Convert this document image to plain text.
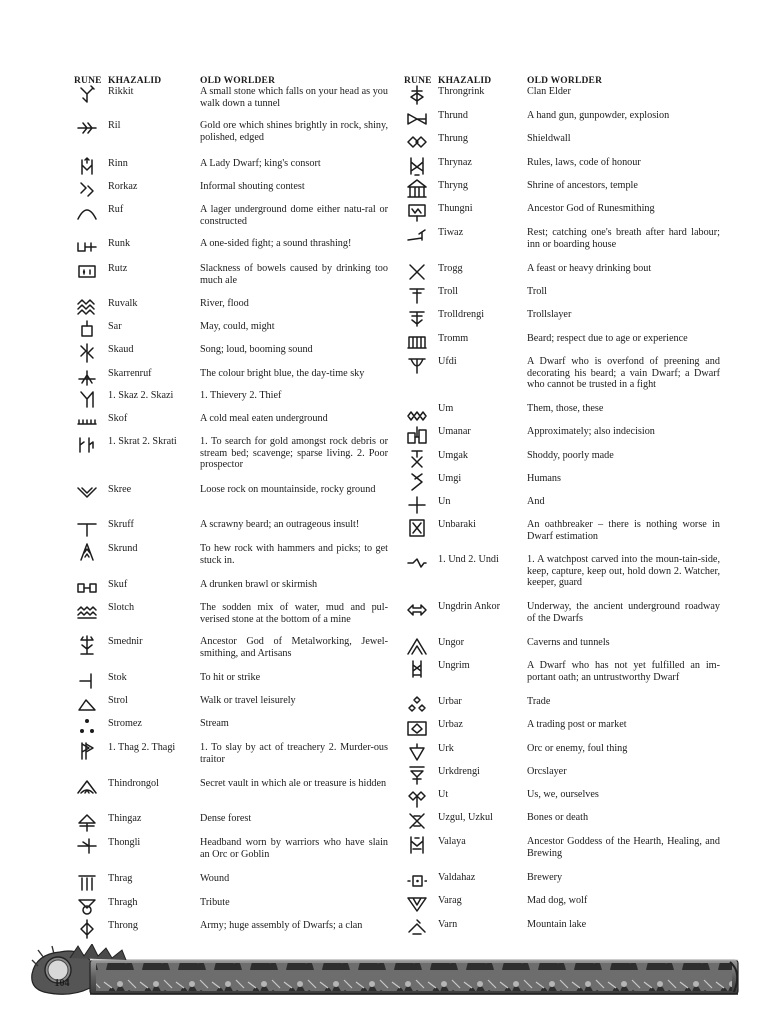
RUNE KHAZALID	OLD WORLDER
Rikkit	A small stone which falls on your head as you walk down a tunnel
Ril	Gold ore which shines brightly in rock, shiny, polished, edged
Rinn	A Lady Dwarf; king's consort
Rorkaz	Informal shouting contest
Ruf	A lager underground dome either natu-ral or constructed
Runk	A one-sided fight; a sound thrashing!
Rutz	Slackness of bowels caused by drinking too much ale
Ruvalk	River, flood
Sar	May, could, might
Skaud	Song; loud, booming sound
Skarrenruf	The colour bright blue, the day-time sky
1. Skaz 2. Skazi	1. Thievery 2. Thief
Skof	A cold meal eaten underground
1. Skrat 2. Skrati	1. To search for gold amongst rock debris or stream bed; scavenge; sparse living. 2. Poor prospector
Skree	Loose rock on mountainside, rocky ground
Skruff	A scrawny beard; an outrageous insult!
Skrund	To hew rock with hammers and picks; to get stuck in.
Skuf	A drunken brawl or skirmish
Slotch	The sodden mix of water, mud and pul-verised stone at the bottom of a mine
Smednir	Ancestor God of Metalworking, Jewel-smithing, and Artisans
Stok	To hit or strike
Strol	Walk or travel leisurely
Stromez	Stream
1. Thag 2. Thagi	1. To slay by act of treachery 2. Murder-ous traitor
Thindrongol	Secret vault in which ale or treasure is hidden
Thingaz	Dense forest
Thongli	Headband worn by warriors who have slain an Orc or Goblin
Thrag	Wound
Thragh	Tribute
Throng	Army; huge assembly of Dwarfs; a clan
RUNE KHAZALID	OLD WORLDER
Throngrink	Clan Elder
Thrund	A hand gun, gunpowder, explosion
Thrung	Shieldwall
Thrynaz	Rules, laws, code of honour
Thryng	Shrine of ancestors, temple
Thungni	Ancestor God of Runesmithing
Tiwaz	Rest; catching one's breath after hard labour; inn or boarding house
Trogg	A feast or heavy drinking bout
Troll	Troll
Trolldrengi	Trollslayer
Tromm	Beard; respect due to age or experience
Ufdi	A Dwarf who is overfond of preening and decorating his beard; a vain Dwarf; a Dwarf who cannot be trusted in a fight
Um	Them, those, these
Umanar	Approximately; also indecision
Umgak	Shoddy, poorly made
Umgi	Humans
Un	And
Unbaraki	An oathbreaker – there is nothing worse in Dwarf estimation
1. Und 2. Undi	1. A watchpost carved into the moun-tain-side, keep, capture, keep out, hold down 2. Watcher, keeper, guard
Ungdrin Ankor	Underway, the ancient underground roadway of the Dwarfs
Ungor	Caverns and tunnels
Ungrim	A Dwarf who has not yet fulfilled an im-portant oath; an untrustworthy Dwarf
Urbar	Trade
Urbaz	A trading post or market
Urk	Orc or enemy, foul thing
Urkdrengi	Orcslayer
Ut	Us, we, ourselves
Uzgul, Uzkul	Bones or death
Valaya	Ancestor Goddess of the Hearth, Healing, and Brewing
Valdahaz	Brewery
Varag	Mad dog, wolf
Varn	Mountain lake
104
